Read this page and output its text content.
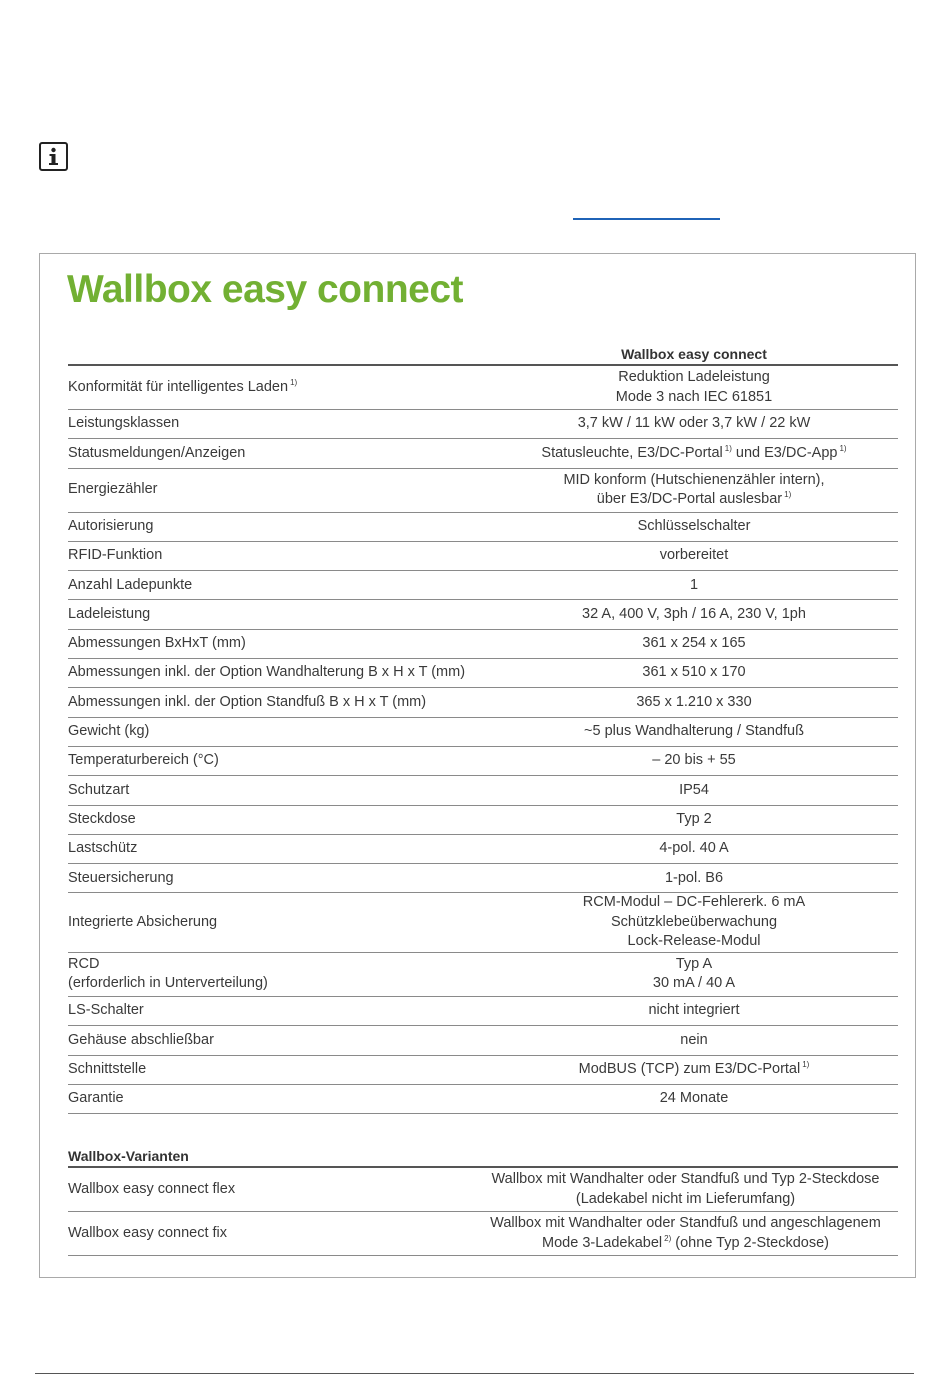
Wallbox easy connect
	Wallbox easy connect
Konformität für intelligentes Laden $^{1)}$	Reduktion Ladeleistung
Mode 3 nach IEC 61851
Leistungsklassen	3,7 kW / 11 kW oder 3,7 kW / 22 kW
Statusmeldungen/Anzeigen	Statusleuchte, E3/DC-Portal $^{1)}$ und E3/DC-App $^{1)}$
Energiezähler	MID konform (Hutschienenzähler intern),
über E3/DC-Portal auslesbar $^{1)}$
Autorisierung	Schlüsselschalter
RFID-Funktion	vorbereitet
Anzahl Ladepunkte	1
Ladeleistung	32 A, 400 V, 3ph / 16 A, 230 V, 1ph
Abmessungen BxHxT (mm)	361 x 254 x 165
Abmessungen inkl. der Option Wandhalterung B x H x T (mm)	361 x 510 x 170
Abmessungen inkl. der Option Standfuß B x H x T (mm)	365 x 1.210 x 330
Gewicht (kg)	~5 plus Wandhalterung / Standfuß
Temperaturbereich (°C)	– 20 bis + 55
Schutzart	IP54
Steckdose	Typ 2
Lastschütz	4-pol. 40 A
Steuersicherung	1-pol. B6
Integrierte Absicherung	RCM-Modul – DC-Fehlererk. 6 mA
Schützklebeüberwachung
Lock-Release-Modul
RCD
(erforderlich in Unterverteilung)	Typ A
30 mA / 40 A
LS-Schalter	nicht integriert
Gehäuse abschließbar	nein
Schnittstelle	ModBUS (TCP) zum E3/DC-Portal $^{1)}$
Garantie	24 Monate
Wallbox-Varianten	
Wallbox easy connect flex	Wallbox mit Wandhalter oder Standfuß und Typ 2-Steckdose
(Ladekabel nicht im Lieferumfang)
Wallbox easy connect fix	Wallbox mit Wandhalter oder Standfuß und angeschlagenem
Mode 3-Ladekabel $^{2)}$ (ohne Typ 2-Steckdose)
